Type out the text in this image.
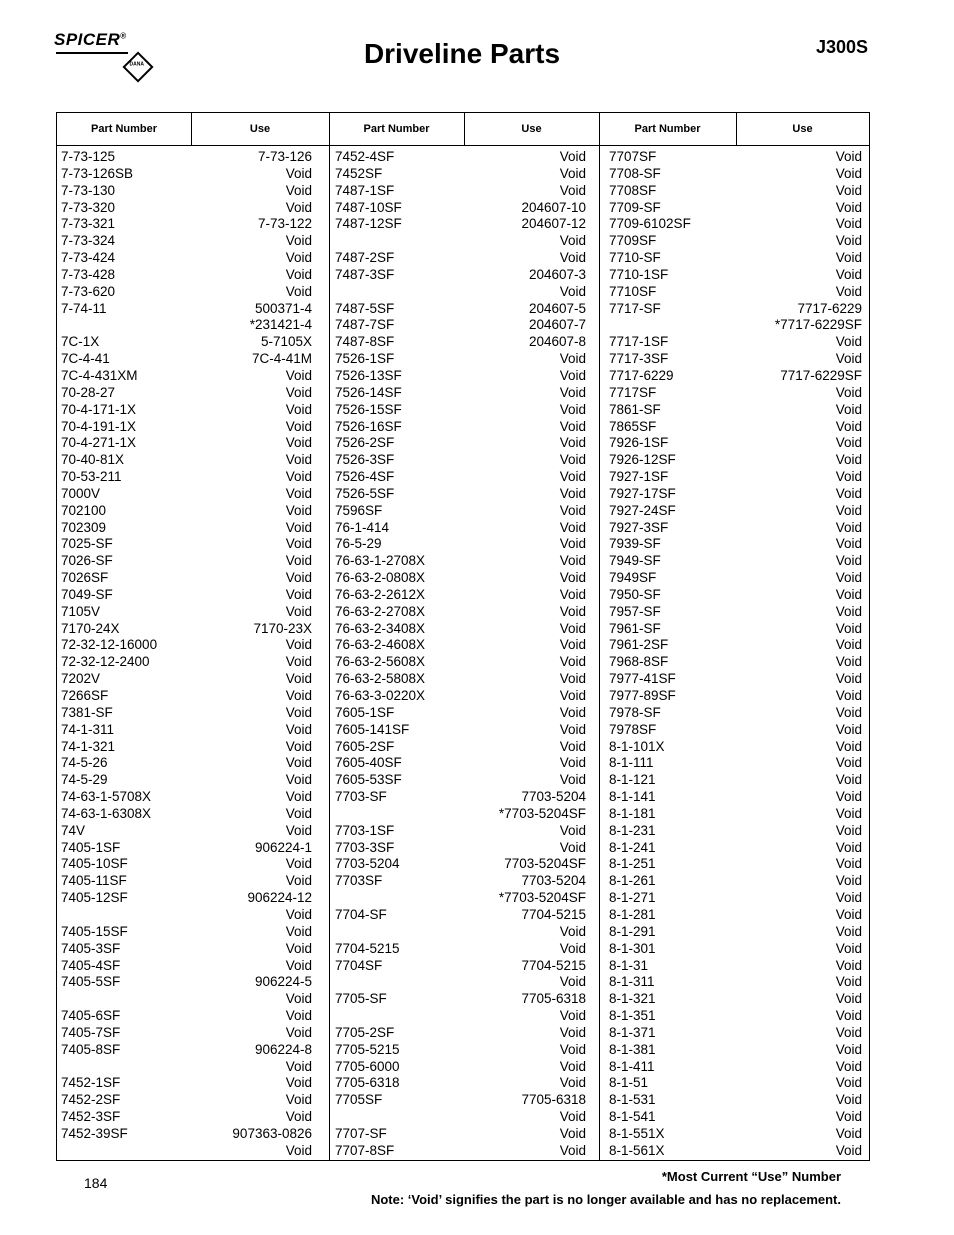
SPICER®
DANA	Driveline Parts	J300S
Part Number	Use	Part Number	Use	Part Number	Use
7-73-125	7-73-126
7-73-126SB	Void
7-73-130	Void
7-73-320	Void
7-73-321	7-73-122
7-73-324	Void
7-73-424	Void
7-73-428	Void
7-73-620	Void
7-74-11	500371-4
*231421-4
7C-1X	5-7105X
7C-4-41	7C-4-41M
7C-4-431XM	Void
70-28-27	Void
70-4-171-1X	Void
70-4-191-1X	Void
70-4-271-1X	Void
70-40-81X	Void
70-53-211	Void
7000V	Void
702100	Void
702309	Void
7025-SF	Void
7026-SF	Void
7026SF	Void
7049-SF	Void
7105V	Void
7170-24X	7170-23X
72-32-12-16000	Void
72-32-12-2400	Void
7202V	Void
7266SF	Void
7381-SF	Void
74-1-311	Void
74-1-321	Void
74-5-26	Void
74-5-29	Void
74-63-1-5708X	Void
74-63-1-6308X	Void
74V	Void
7405-1SF	906224-1
7405-10SF	Void
7405-11SF	Void
7405-12SF	906224-12
Void
7405-15SF	Void
7405-3SF	Void
7405-4SF	Void
7405-5SF	906224-5
Void
7405-6SF	Void
7405-7SF	Void
7405-8SF	906224-8
Void
7452-1SF	Void
7452-2SF	Void
7452-3SF	Void
7452-39SF	907363-0826
Void
7452-4SF	Void
7452SF	Void
7487-1SF	Void
7487-10SF	204607-10
7487-12SF	204607-12
Void
7487-2SF	Void
7487-3SF	204607-3
Void
7487-5SF	204607-5
7487-7SF	204607-7
7487-8SF	204607-8
7526-1SF	Void
7526-13SF	Void
7526-14SF	Void
7526-15SF	Void
7526-16SF	Void
7526-2SF	Void
7526-3SF	Void
7526-4SF	Void
7526-5SF	Void
7596SF	Void
76-1-414	Void
76-5-29	Void
76-63-1-2708X	Void
76-63-2-0808X	Void
76-63-2-2612X	Void
76-63-2-2708X	Void
76-63-2-3408X	Void
76-63-2-4608X	Void
76-63-2-5608X	Void
76-63-2-5808X	Void
76-63-3-0220X	Void
7605-1SF	Void
7605-141SF	Void
7605-2SF	Void
7605-40SF	Void
7605-53SF	Void
7703-SF	7703-5204
*7703-5204SF
7703-1SF	Void
7703-3SF	Void
7703-5204	7703-5204SF
7703SF	7703-5204
*7703-5204SF
7704-SF	7704-5215
Void
7704-5215	Void
7704SF	7704-5215
Void
7705-SF	7705-6318
Void
7705-2SF	Void
7705-5215	Void
7705-6000	Void
7705-6318	Void
7705SF	7705-6318
Void
7707-SF	Void
7707-8SF	Void
7707SF	Void
7708-SF	Void
7708SF	Void
7709-SF	Void
7709-6102SF	Void
7709SF	Void
7710-SF	Void
7710-1SF	Void
7710SF	Void
7717-SF	7717-6229
*7717-6229SF
7717-1SF	Void
7717-3SF	Void
7717-6229	7717-6229SF
7717SF	Void
7861-SF	Void
7865SF	Void
7926-1SF	Void
7926-12SF	Void
7927-1SF	Void
7927-17SF	Void
7927-24SF	Void
7927-3SF	Void
7939-SF	Void
7949-SF	Void
7949SF	Void
7950-SF	Void
7957-SF	Void
7961-SF	Void
7961-2SF	Void
7968-8SF	Void
7977-41SF	Void
7977-89SF	Void
7978-SF	Void
7978SF	Void
8-1-101X	Void
8-1-111	Void
8-1-121	Void
8-1-141	Void
8-1-181	Void
8-1-231	Void
8-1-241	Void
8-1-251	Void
8-1-261	Void
8-1-271	Void
8-1-281	Void
8-1-291	Void
8-1-301	Void
8-1-31	Void
8-1-311	Void
8-1-321	Void
8-1-351	Void
8-1-371	Void
8-1-381	Void
8-1-411	Void
8-1-51	Void
8-1-531	Void
8-1-541	Void
8-1-551X	Void
8-1-561X	Void
184	*Most Current “Use” Number
Note: ‘Void’ signifies the part is no longer available and has no replacement.
